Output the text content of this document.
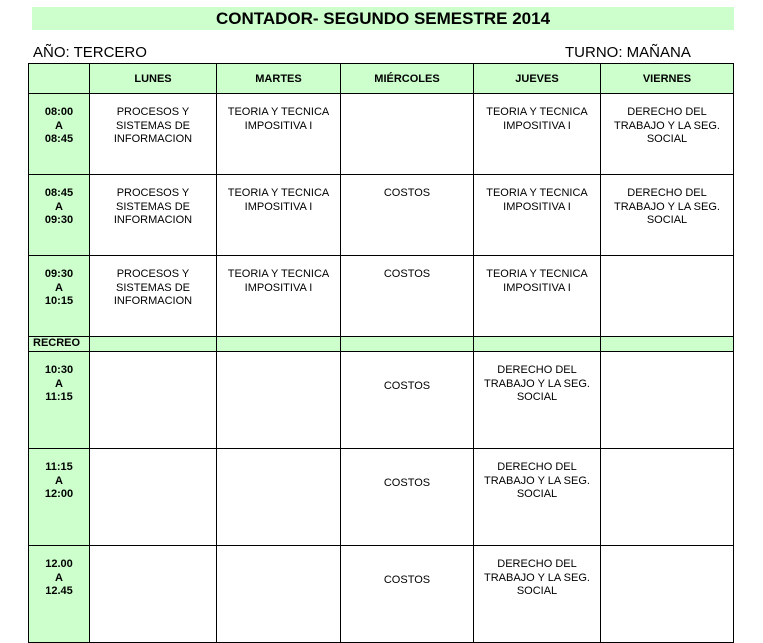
CONTADOR- SEGUNDO SEMESTRE 2014
AÑO: TERCERO	TURNO: MAÑANA
	LUNES	MARTES	MIÉRCOLES	JUEVES	VIERNES
08:00
A
08:45	PROCESOS Y
SISTEMAS DE
INFORMACION	TEORIA Y TECNICA
IMPOSITIVA I		TEORIA Y TECNICA
IMPOSITIVA I	DERECHO DEL
TRABAJO Y LA SEG.
SOCIAL
08:45
A
09:30	PROCESOS Y
SISTEMAS DE
INFORMACION	TEORIA Y TECNICA
IMPOSITIVA I	COSTOS	TEORIA Y TECNICA
IMPOSITIVA I	DERECHO DEL
TRABAJO Y LA SEG.
SOCIAL
09:30
A
10:15	PROCESOS Y
SISTEMAS DE
INFORMACION	TEORIA Y TECNICA
IMPOSITIVA I	COSTOS	TEORIA Y TECNICA
IMPOSITIVA I	
RECREO					
10:30
A
11:15			COSTOS	DERECHO DEL
TRABAJO Y LA SEG.
SOCIAL	
11:15
A
12:00			COSTOS	DERECHO DEL
TRABAJO Y LA SEG.
SOCIAL	
12.00
A
12.45			COSTOS	DERECHO DEL
TRABAJO Y LA SEG.
SOCIAL	
